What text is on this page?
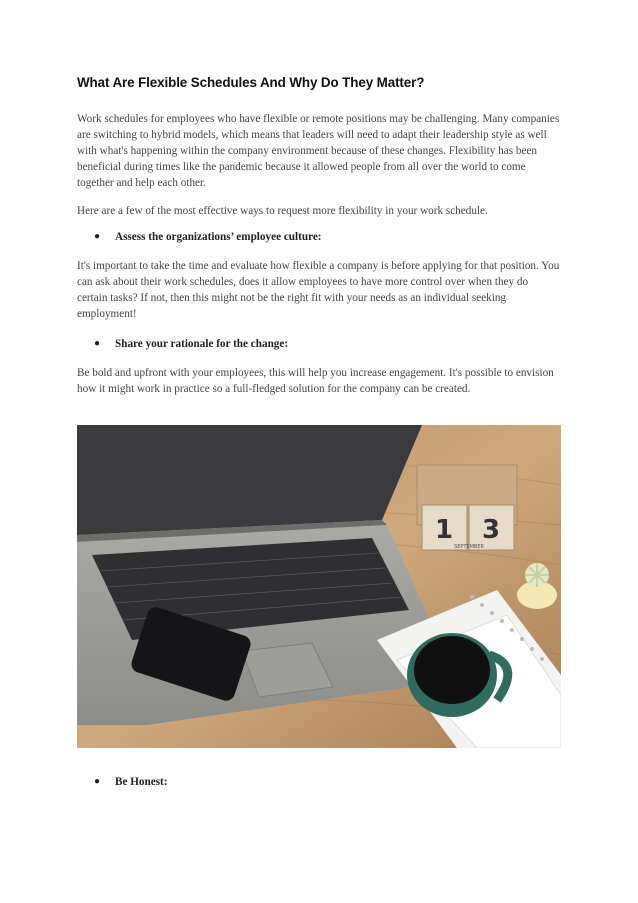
What Are Flexible Schedules And Why Do They Matter?

Work schedules for employees who have flexible or remote positions may be challenging. Many companies are switching to hybrid models, which means that leaders will need to adapt their leadership style as well with what's happening within the company environment because of these changes. Flexibility has been beneficial during times like the pandemic because it allowed people from all over the world to come together and help each other.

Here are a few of the most effective ways to request more flexibility in your work schedule.

● Assess the organizations’ employee culture:

It's important to take the time and evaluate how flexible a company is before applying for that position. You can ask about their work schedules, does it allow employees to have more control over when they do certain tasks? If not, then this might not be the right fit with your needs as an individual seeking employment!

● Share your rationale for the change:

Be bold and upfront with your employees, this will help you increase engagement. It's possible to envision how it might work in practice so a full-fledged solution for the company can be created.

1 3
SEPTEMBER
● Be Honest:
